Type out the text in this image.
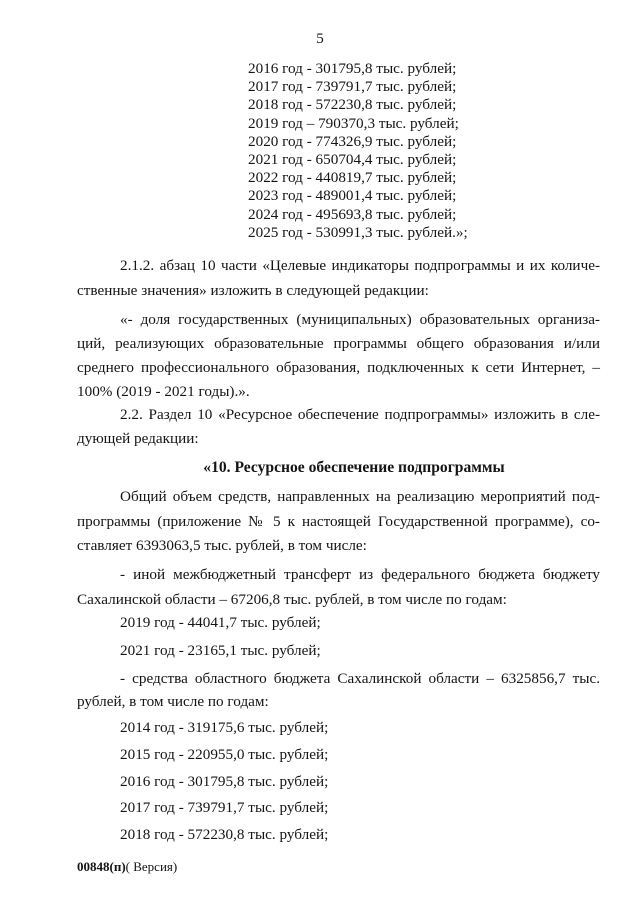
5
2016 год - 301795,8 тыс. рублей;
2017 год - 739791,7 тыс. рублей;
2018 год - 572230,8 тыс. рублей;
2019 год – 790370,3 тыс. рублей;
2020 год - 774326,9 тыс. рублей;
2021 год - 650704,4 тыс. рублей;
2022 год - 440819,7 тыс. рублей;
2023 год - 489001,4 тыс. рублей;
2024 год - 495693,8 тыс. рублей;
2025 год - 530991,3 тыс. рублей.»;

2.1.2. абзац 10 части «Целевые индикаторы подпрограммы и их количе-

ственные значения» изложить в следующей редакции:

«- доля государственных (муниципальных) образовательных организа-

ций, реализующих образовательные программы общего образования и/или

среднего профессионального образования, подключенных к сети Интернет, –

100% (2019 - 2021 годы).».

2.2. Раздел 10 «Ресурсное обеспечение подпрограммы» изложить в сле-

дующей редакции:

«10. Ресурсное обеспечение подпрограммы

Общий объем средств, направленных на реализацию мероприятий под-

программы (приложение № 5 к настоящей Государственной программе), со-

ставляет 6393063,5 тыс. рублей, в том числе:

- иной межбюджетный трансферт из федерального бюджета бюджету

Сахалинской области – 67206,8 тыс. рублей, в том числе по годам:

2019 год - 44041,7 тыс. рублей;
2021 год - 23165,1 тыс. рублей;

- средства областного бюджета Сахалинской области – 6325856,7 тыс.

рублей, в том числе по годам:

2014 год - 319175,6 тыс. рублей;
2015 год - 220955,0 тыс. рублей;
2016 год - 301795,8 тыс. рублей;
2017 год - 739791,7 тыс. рублей;
2018 год - 572230,8 тыс. рублей;
00848(п)( Версия)
